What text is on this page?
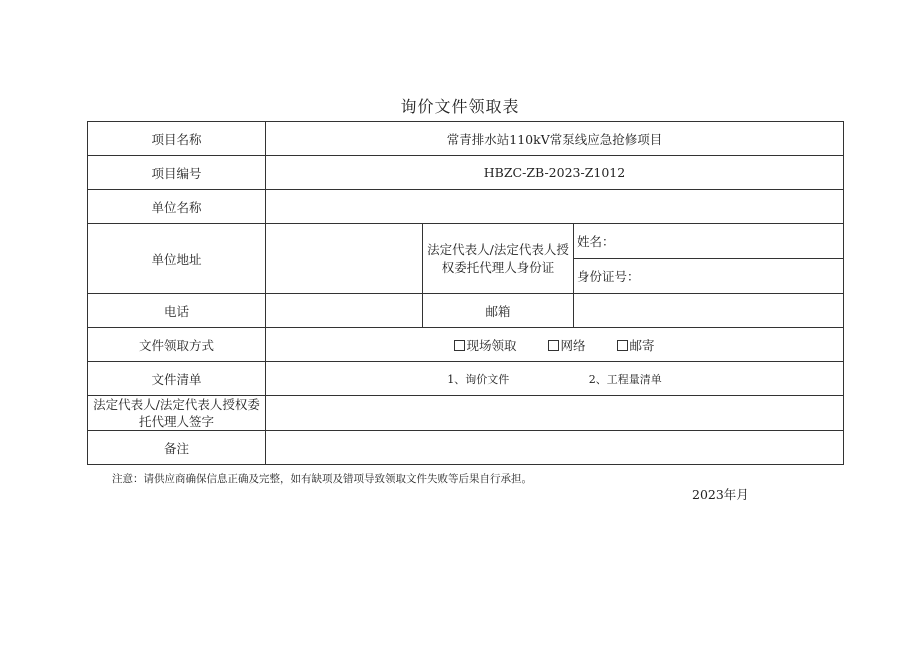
询价文件领取表
项目名称	常青排水站110kV常泵线应急抢修项目		
项目编号	HBZC-ZB-2023-Z1012		
单位名称			
单位地址		法定代表人/法定代表人授权委托代理人身份证	姓名：
			身份证号：
电话		邮箱	
文件领取方式	现场领取 网络 邮寄		
文件清单	1、询价文件 2、工程量清单		
法定代表人/法定代表人授权委托代理人签字			
备注			
注意：请供应商确保信息正确及完整，如有缺项及错项导致领取文件失败等后果自行承担。
2023年月
